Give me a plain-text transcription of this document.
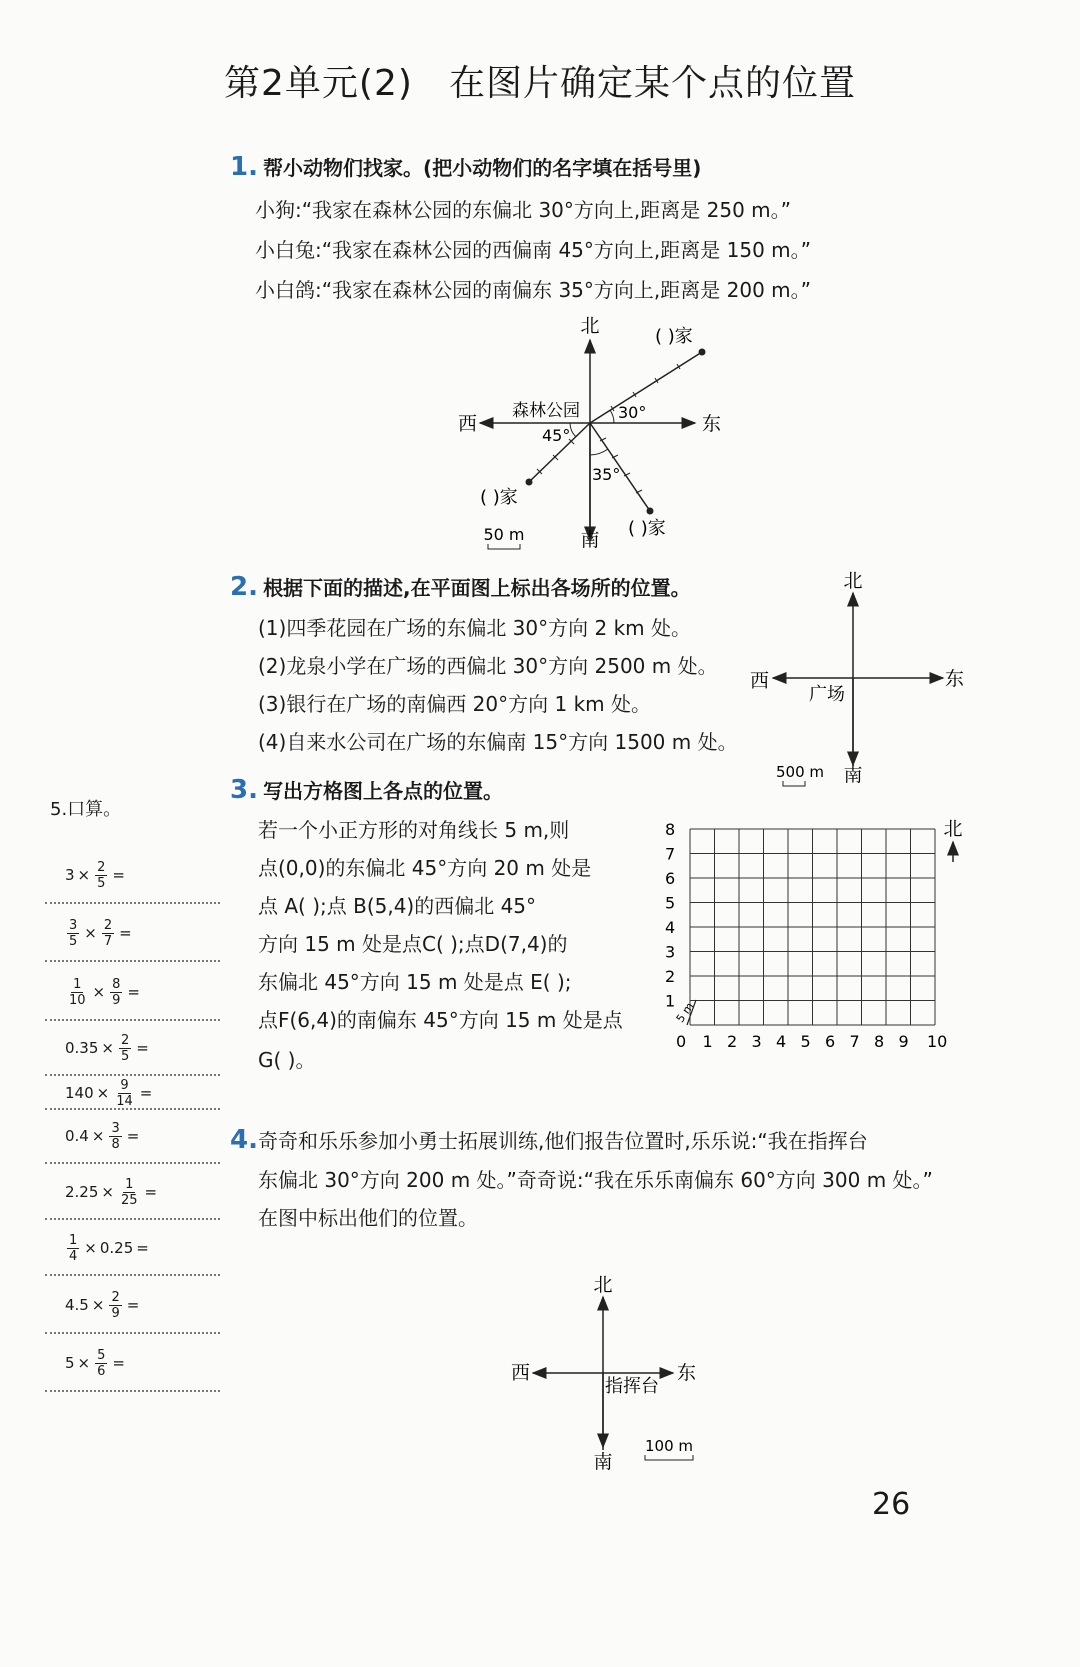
第2单元(2) 在图片确定某个点的位置
1. 帮小动物们找家。(把小动物们的名字填在括号里)
小狗:“我家在森林公园的东偏北 30°方向上,距离是 250 m。”
小白兔:“我家在森林公园的西偏南 45°方向上,距离是 150 m。”
小白鸽:“我家在森林公园的南偏东 35°方向上,距离是 200 m。”
北
南
东
西
森林公园 30°
45°
35°
( )家
( )家
( )家
50 m
2. 根据下面的描述,在平面图上标出各场所的位置。
(1)四季花园在广场的东偏北 30°方向 2 km 处。
(2)龙泉小学在广场的西偏北 30°方向 2500 m 处。
(3)银行在广场的南偏西 20°方向 1 km 处。
(4)自来水公司在广场的东偏南 15°方向 1500 m 处。
北
南
东
西
广场
500 m
3. 写出方格图上各点的位置。
若一个小正方形的对角线长 5 m,则
点(0,0)的东偏北 45°方向 20 m 处是
点 A( );点 B(5,4)的西偏北 45°
方向 15 m 处是点C( );点D(7,4)的
东偏北 45°方向 15 m 处是点 E( );
点F(6,4)的南偏东 45°方向 15 m 处是点
G( )。
0 1 2 3 4 5 6 7 8 9 10
1
2
3
4
5
6
7
8
5 m
北
4.奇奇和乐乐参加小勇士拓展训练,他们报告位置时,乐乐说:“我在指挥台
东偏北 30°方向 200 m 处。”奇奇说:“我在乐乐南偏东 60°方向 300 m 处。”
在图中标出他们的位置。
北
南
东
西
指挥台
100 m
5.口算。
$3 \times \frac{2}{5}$ =
$\frac{3}{5} \times \frac{2}{7}$ =
$\frac{1}{10} \times \frac{8}{9}$ =
$0.35 \times \frac{2}{5}$ =
$140 \times \frac{9}{14}$ =
$0.4 \times \frac{3}{8}$ =
$2.25 \times \frac{1}{25}$ =
$\frac{1}{4} \times 0.25$ =
$4.5 \times \frac{2}{9}$ =
$5 \times \frac{5}{6}$ =
26
